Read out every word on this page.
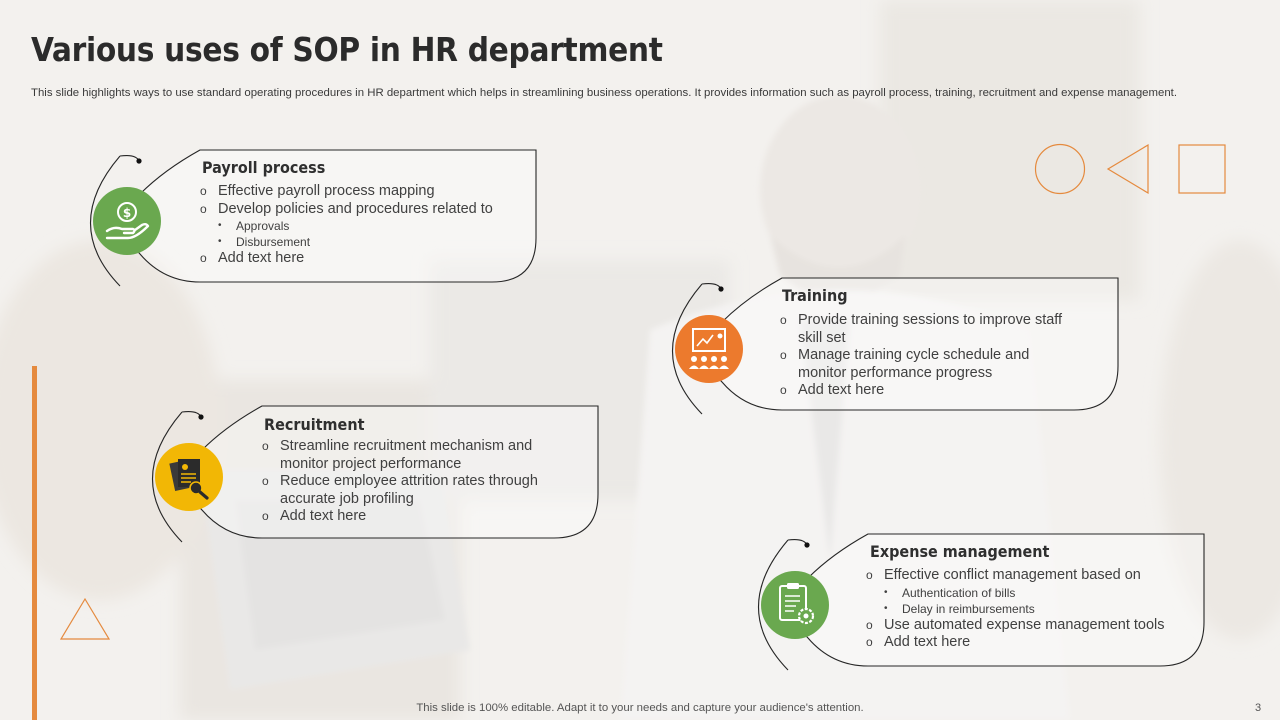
Various uses of SOP in HR department
This slide highlights ways to use standard operating procedures in HR department which helps in streamlining business operations. It provides information such as payroll process, training, recruitment and expense management.
$
Payroll process
o Effective payroll process mapping
o Develop policies and procedures related to
• Approvals
• Disbursement
o Add text here
Training
o Provide training sessions to improve staff skill set
o Manage training cycle schedule and monitor performance progress
o Add text here
Recruitment
o Streamline recruitment mechanism and monitor project performance
o Reduce employee attrition rates through accurate job profiling
o Add text here
Expense management
o Effective conflict management based on
• Authentication of bills
• Delay in reimbursements
o Use automated expense management tools
o Add text here
This slide is 100% editable. Adapt it to your needs and capture your audience's attention.	3
